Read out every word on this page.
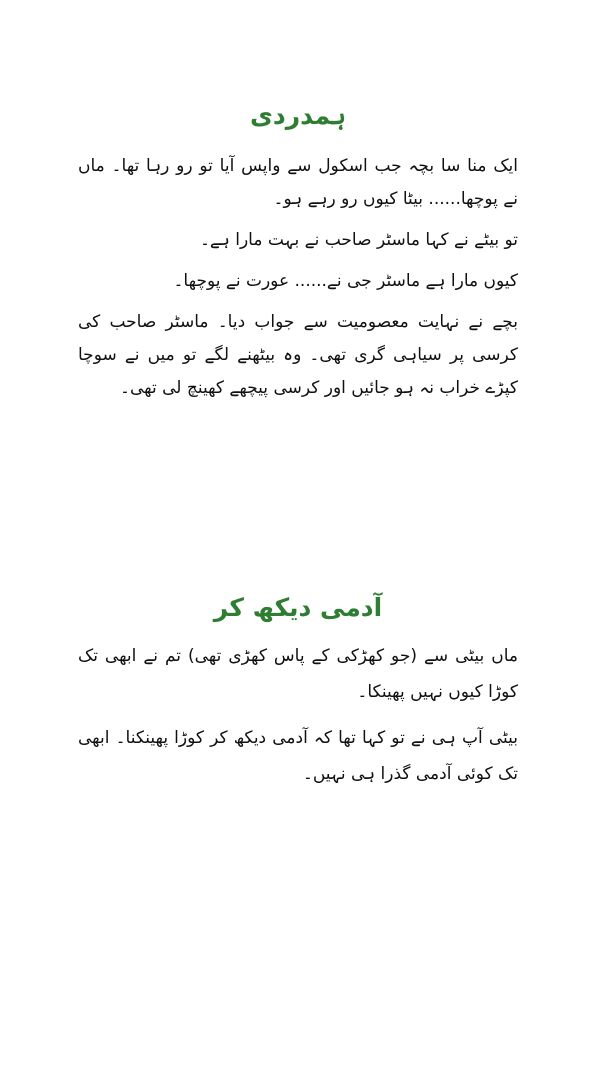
ہمدردی

ایک منا سا بچہ جب اسکول سے واپس آیا تو رو رہا تھا۔ ماں نے پوچھا...... بیٹا کیوں رو رہے ہو۔

تو بیٹے نے کہا ماسٹر صاحب نے بہت مارا ہے۔

کیوں مارا ہے ماسٹر جی نے...... عورت نے پوچھا۔

بچے نے نہایت معصومیت سے جواب دیا۔ ماسٹر صاحب کی کرسی پر سیاہی گری تھی۔ وہ بیٹھنے لگے تو میں نے سوچا کپڑے خراب نہ ہو جائیں اور کرسی پیچھے کھینچ لی تھی۔

آدمی دیکھ کر

ماں بیٹی سے (جو کھڑکی کے پاس کھڑی تھی) تم نے ابھی تک کوڑا کیوں نہیں پھینکا۔

بیٹی آپ ہی نے تو کہا تھا کہ آدمی دیکھ کر کوڑا پھینکنا۔ ابھی تک کوئی آدمی گذرا ہی نہیں۔
